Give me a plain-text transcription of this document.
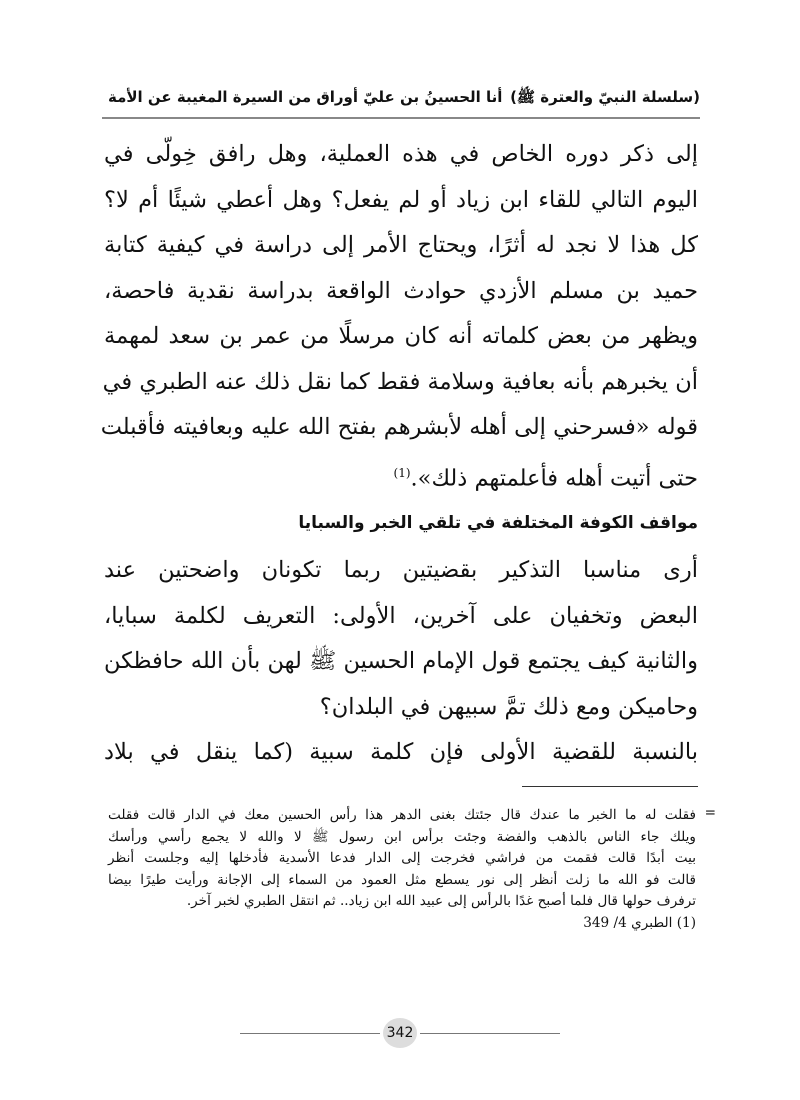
(سلسلة النبيّ والعترة ﷺ)
أنا الحسينُ بن عليّ أوراق من السيرة المغيبة عن الأمة
إلى ذكر دوره الخاص في هذه العملية، وهل رافق خِولّى في
اليوم التالي للقاء ابن زياد أو لم يفعل؟ وهل أعطي شيئًا أم لا؟
كل هذا لا نجد له أثرًا، ويحتاج الأمر إلى دراسة في كيفية كتابة
حميد بن مسلم الأزدي حوادث الواقعة بدراسة نقدية فاحصة،
ويظهر من بعض كلماته أنه كان مرسلًا من عمر بن سعد لمهمة
أن يخبرهم بأنه بعافية وسلامة فقط كما نقل ذلك عنه الطبري في
قوله «فسرحني إلى أهله لأبشرهم بفتح الله عليه وبعافيته فأقبلت
حتى أتيت أهله فأعلمتهم ذلك».$^{(1)}$
مواقف الكوفة المختلفة في تلقي الخبر والسبايا
أرى مناسبا التذكير بقضيتين ربما تكونان واضحتين عند
البعض وتخفيان على آخرين، الأولى: التعريف لكلمة سبايا،
والثانية كيف يجتمع قول الإمام الحسين ﷺ لهن بأن الله حافظكن
وحاميكن ومع ذلك تمَّ سبيهن في البلدان؟
بالنسبة للقضية الأولى فإن كلمة سبية (كما ينقل في بلاد
=
فقلت له ما الخبر ما عندك قال جئتك بغنى الدهر هذا رأس الحسين معك في الدار قالت فقلت
ويلك جاء الناس بالذهب والفضة وجئت برأس ابن رسول ﷺ لا والله لا يجمع رأسي ورأسك
بيت أبدًا قالت فقمت من فراشي فخرجت إلى الدار فدعا الأسدية فأدخلها إليه وجلست أنظر
قالت فو الله ما زلت أنظر إلى نور يسطع مثل العمود من السماء إلى الإجانة ورأيت طيرًا بيضا
ترفرف حولها قال فلما أصبح غدًا بالرأس إلى عبيد الله ابن زياد.. ثم انتقل الطبري لخبر آخر.
(1) الطبري 4/ 349
342
